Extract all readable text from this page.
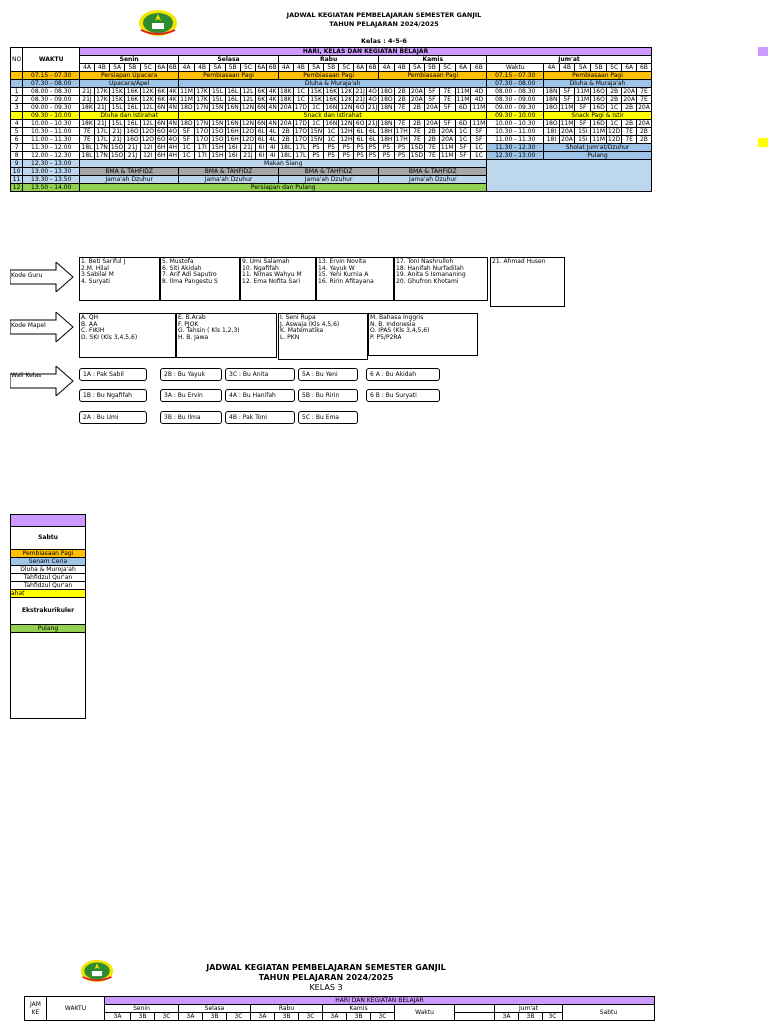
JADWAL KEGIATAN PEMBELAJARAN SEMESTER GANJIL
TAHUN PELAJARAN 2024/2025
Kelas : 4-5-6
NO	WAKTU	HARI, KELAS DAN KEGIATAN BELAJAR																																			
		Senin							Selasa							Rabu							Kamis							Jum'at							
		4A	4B	5A	5B	5C	6A	6B	4A	4B	5A	5B	5C	6A	6B	4A	4B	5A	5B	5C	6A	6B	4A	4B	5A	5B	5C	6A	6B	Waktu	4A	4B	5A	5B	5C	6A	6B
	07.15 - 07.30	Persiapan Upacara							Pembiasaan Pagi							Pembiasaan Pagi							Pembiasaan Pagi							07.15 - 07.30	Pembiasaan Pagi						
	07.30 - 08.00	Upacara/Apel							Dluha & Muraja'ah																					07.30 - 08.00	Dluha & Muraja'ah						
1	08.00 - 08.30	21J	17K	15K	16K	12K	6K	4K	11M	17K	15L	16L	12L	6K	4K	18K	1C	15K	16K	12K	21J	4O	18O	2B	20A	5F	7E	11M	4D	08.00 - 08.30	18N	5F	11M	16O	2B	20A	7E
2	08.30 - 09.00	21J	17K	15K	16K	12K	6K	4K	11M	17K	15L	16L	12L	6K	4K	18K	1C	15K	16K	12K	21J	4O	18O	2B	20A	5F	7E	11M	4D	08.30 - 09.00	18N	5F	11M	16O	2B	20A	7E
3	09.00 - 09.30	18K	21J	15L	16L	12L	6N	4N	18D	17N	15N	16N	12N	6N	4N	20A	17D	1C	16N	12N	6O	21J	18N	7E	2B	20A	5F	6D	11M	09.00 - 09.30	18O	11M	5F	16D	1C	2B	20A
	09.30 - 10.00	Dluha dan Istirahat							Snack dan Istirahat																					09.30 - 10.00	Snack Pagi & Istir						
4	10.00 - 10.30	18K	21J	15L	16L	12L	6N	4N	18D	17N	15N	16N	12N	6N	4N	20A	17D	1C	16N	12N	6O	21J	18N	7E	2B	20A	5F	6D	11M	10.00 - 10.30	18O	11M	5F	16D	1C	2B	20A
5	10.30 - 11.00	7E	17L	21J	16O	12O	6O	4O	5F	17O	15O	16H	12O	6L	4L	2B	17O	15N	1C	12H	6L	6L	18H	17H	7E	2B	20A	1C	5F	10.30 - 11.00	18I	20A	15I	11M	12D	7E	2B
6	11.00 - 11.30	7E	17L	21J	16O	12O	6O	4O	5F	17O	15O	16H	12O	6L	4L	2B	17O	15N	1C	12H	6L	6L	18H	17H	7E	2B	20A	1C	5F	11.00 - 11.30	18I	20A	15I	11M	12D	7E	2B
7	11.30 - 12.00	18L	17N	15O	21J	12I	6H	4H	1C	17I	15H	16I	21J	6I	4I	18L	17L	P5	P5	P5	P5	P5	P5	P5	15D	7E	11M	5F	1C	11.30 - 12.30	Sholat Jum'at/Dzuhur						
8	12.00 - 12.30	18L	17N	15O	21J	12I	6H	4H	1C	17I	15H	16I	21J	6I	4I	18L	17L	P5	P5	P5	P5	P5	P5	P5	15D	7E	11M	5F	1C	12.30 - 13.00	Pulang						
9	12.30 - 13.00	Makan Siang																																			
10	13.00 - 13.30	BMA & TAHFIDZ							BMA & TAHFIDZ							BMA & TAHFIDZ							BMA & TAHFIDZ														
11	13.30 - 13.50	Jama'ah Dzuhur							Jama'ah Dzuhur							Jama'ah Dzuhur							Jama'ah Dzuhur														
12	13.50 - 14.00	Persiapan dan Pulang																																			
Kode Guru
1. Beti Sariful J
2.M. Hilal
3.Sabilal M
4. Suryati
5. Mustofa
6. Siti Akidah
7. Arif Adi Saputro
8. Ilma Pangestu S
9. Umi Salamah
10. Ngafifah
11. Nimas Wahyu M
12. Ema Nofita Sari
13. Ervin Novita
14. Yayuk W
15. Yeni Kurnia A
16. Ririn Afitayana
17. Toni Nashrulloh
18. Hanifah Nurfadilah
19. Anita S Ismananing
20. Ghufron Khotami
21. Ahmad Husen
Kode Mapel
A. QH
B. AA
C. FIKIH
D. SKI (Kls 3,4,5,6)
E. B.Arab
F. PJOK
G. Tahsin ( Kls 1,2,3)
H. B. Jawa
I. Seni Rupa
J. Aswaja (Kls 4,5,6)
K. Matematika
L. PKN
M. Bahasa Inggris
N. B. Indonesia
O. IPAS (Kls 3,4,5,6)
P. P5/P2RA
Wali Kelas	1A : Pak Sabil	2B : Bu Yayuk	3C : Bu Anita	5A : Bu Yeni	6 A : Bu Akidah
1B : Bu Ngafifah	3A : Bu Ervin	4A : Bu Hanifah	5B : Bu Ririn	6 B : Bu Suryati
2A : Bu Umi	3B : Bu Ilma	4B : Pak Toni	5C : Bu Ema
Sabtu
Pembiasaan Pagi
Senam Ceria
Dluha & Muroja'ah
Tahfidzul Qur'an
Tahfidzul Qur'an
ahat
Ekstrakurikuler
Pulang
JADWAL KEGIATAN PEMBELAJARAN SEMESTER GANJIL
TAHUN PELAJARAN 2024/2025
KELAS 3
JAM
KE	WAKTU	HARI DAN KEGIATAN BELAJAR																	
		Senin			Selasa			Rabu			Kamis			Waktu		Jum'at			Sabtu
		3A	3B	3C	3A	3B	3C	3A	3B	3C	3A	3B	3C			3A	3B	3C	
